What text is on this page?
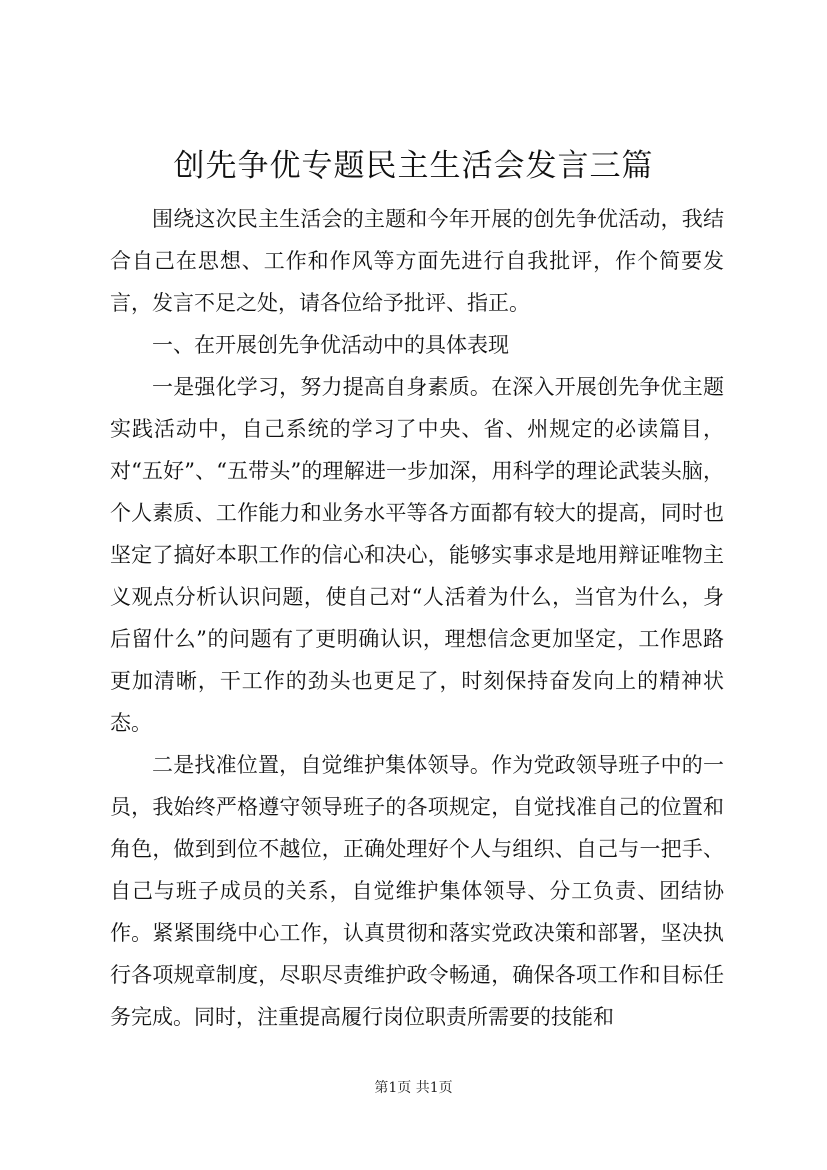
创先争优专题民主生活会发言三篇

围绕这次民主生活会的主题和今年开展的创先争优活动，我结合自己在思想、工作和作风等方面先进行自我批评，作个简要发言，发言不足之处，请各位给予批评、指正。

一、在开展创先争优活动中的具体表现

一是强化学习，努力提高自身素质。在深入开展创先争优主题实践活动中，自己系统的学习了中央、省、州规定的必读篇目，对“五好”、“五带头”的理解进一步加深，用科学的理论武装头脑，个人素质、工作能力和业务水平等各方面都有较大的提高，同时也坚定了搞好本职工作的信心和决心，能够实事求是地用辩证唯物主义观点分析认识问题，使自己对“人活着为什么，当官为什么，身后留什么”的问题有了更明确认识，理想信念更加坚定，工作思路更加清晰，干工作的劲头也更足了，时刻保持奋发向上的精神状态。

二是找准位置，自觉维护集体领导。作为党政领导班子中的一员，我始终严格遵守领导班子的各项规定，自觉找准自己的位置和角色，做到到位不越位，正确处理好个人与组织、自己与一把手、自己与班子成员的关系，自觉维护集体领导、分工负责、团结协作。紧紧围绕中心工作，认真贯彻和落实党政决策和部署，坚决执行各项规章制度，尽职尽责维护政令畅通，确保各项工作和目标任务完成。同时，注重提高履行岗位职责所需要的技能和

第1页 共1页
